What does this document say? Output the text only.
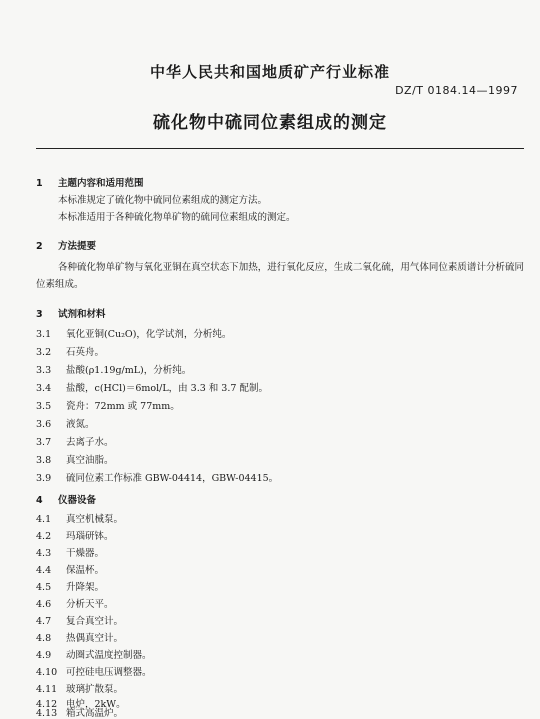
中华人民共和国地质矿产行业标准
DZ/T 0184.14—1997
硫化物中硫同位素组成的测定
1 主题内容和适用范围

本标准规定了硫化物中硫同位素组成的测定方法。

本标准适用于各种硫化物单矿物的硫同位素组成的测定。

2 方法提要

各种硫化物单矿物与氧化亚铜在真空状态下加热，进行氧化反应，生成二氧化硫，用气体同位素质谱计分析硫同位素组成。

3 试剂和材料
3.1 氧化亚铜(Cu₂O)，化学试剂，分析纯。
3.2 石英舟。
3.3 盐酸(ρ1.19g/mL)，分析纯。
3.4 盐酸，c(HCl)＝6mol/L，由 3.3 和 3.7 配制。
3.5 瓷舟：72mm 或 77mm。
3.6 液氮。
3.7 去离子水。
3.8 真空油脂。
3.9 硫同位素工作标准 GBW-04414，GBW-04415。
4 仪器设备
4.1 真空机械泵。
4.2 玛瑙研钵。
4.3 干燥器。
4.4 保温杯。
4.5 升降架。
4.6 分析天平。
4.7 复合真空计。
4.8 热偶真空计。
4.9 动圈式温度控制器。
4.10 可控硅电压调整器。
4.11 玻璃扩散泵。
4.12 电炉，2kW。
4.13 箱式高温炉。
